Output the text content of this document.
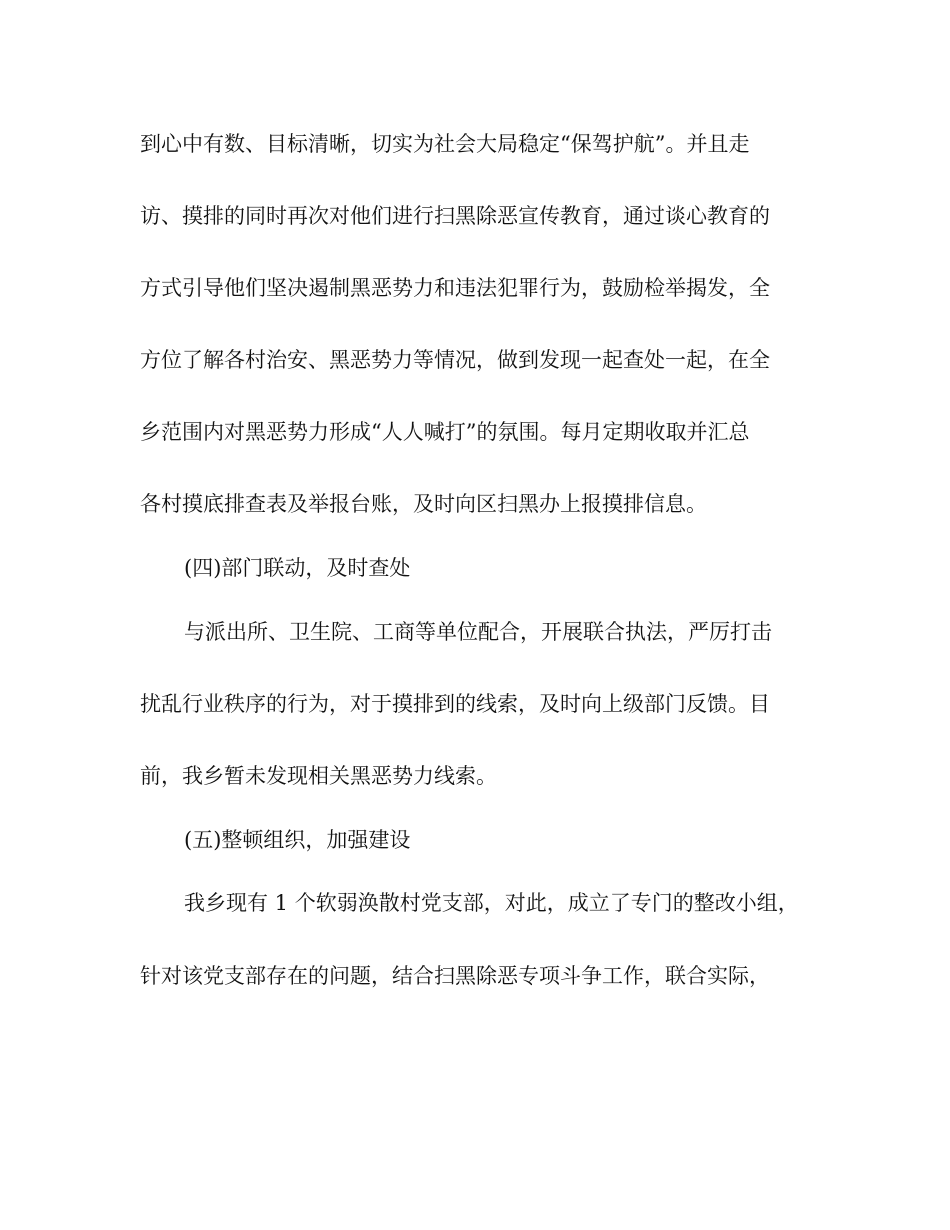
到心中有数、目标清晰，切实为社会大局稳定“保驾护航”。并且走
访、摸排的同时再次对他们进行扫黑除恶宣传教育，通过谈心教育的
方式引导他们坚决遏制黑恶势力和违法犯罪行为，鼓励检举揭发，全
方位了解各村治安、黑恶势力等情况，做到发现一起查处一起，在全
乡范围内对黑恶势力形成“人人喊打”的氛围。每月定期收取并汇总
各村摸底排查表及举报台账，及时向区扫黑办上报摸排信息。
(四)部门联动，及时查处
与派出所、卫生院、工商等单位配合，开展联合执法，严厉打击
扰乱行业秩序的行为，对于摸排到的线索，及时向上级部门反馈。目
前，我乡暂未发现相关黑恶势力线索。
(五)整顿组织，加强建设
我乡现有 1 个软弱涣散村党支部，对此，成立了专门的整改小组，
针对该党支部存在的问题，结合扫黑除恶专项斗争工作，联合实际，
